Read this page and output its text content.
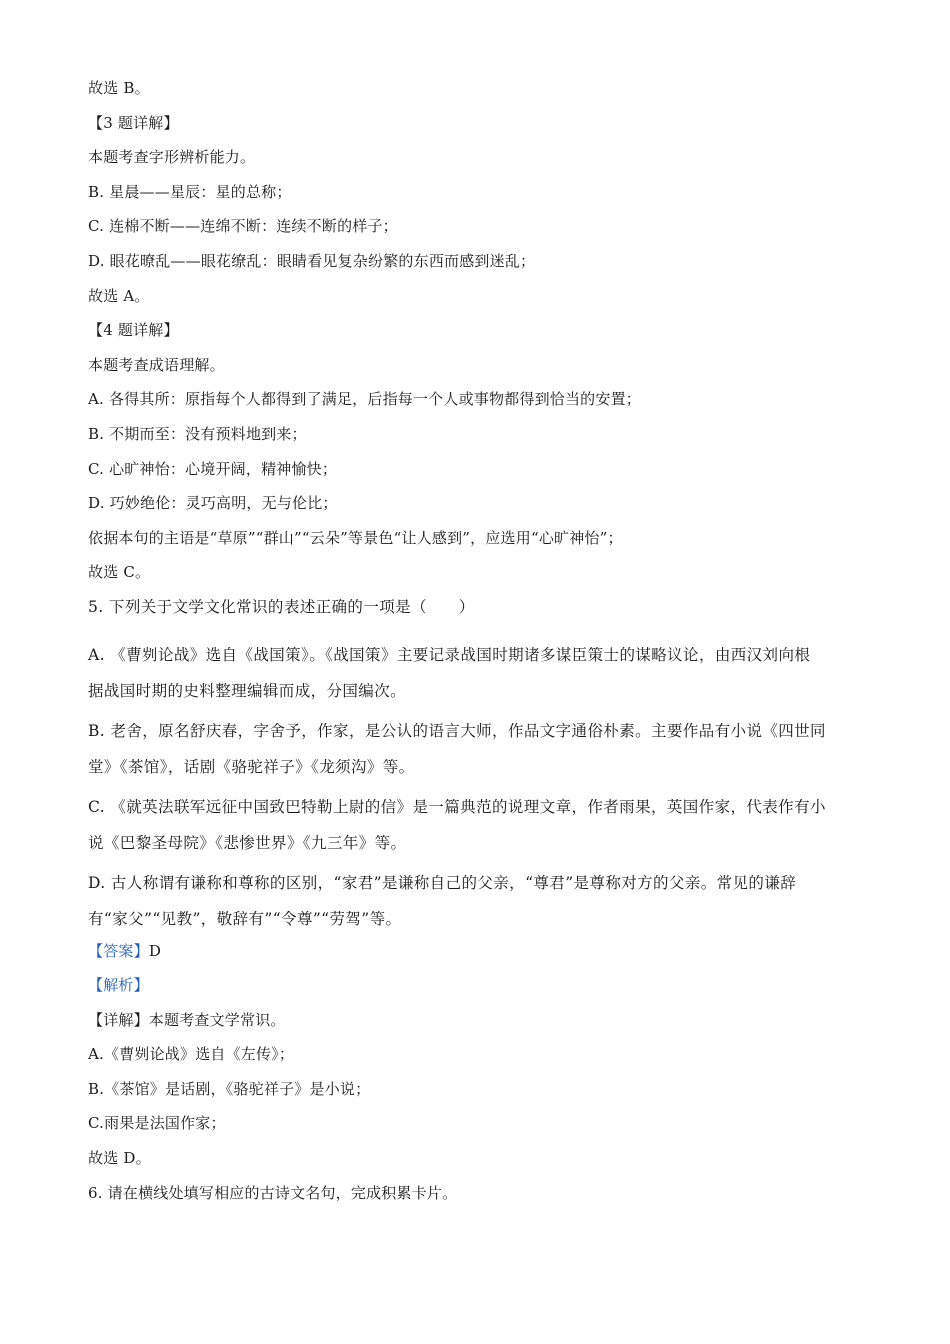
故选 B。
【3 题详解】
本题考查字形辨析能力。
B. 星晨——星辰：星的总称；
C. 连棉不断——连绵不断：连续不断的样子；
D. 眼花暸乱——眼花缭乱：眼睛看见复杂纷繁的东西而感到迷乱；
故选 A。
【4 题详解】
本题考查成语理解。
A. 各得其所：原指每个人都得到了满足，后指每一个人或事物都得到恰当的安置；
B. 不期而至：没有预料地到来；
C. 心旷神怡：心境开阔，精神愉快；
D. 巧妙绝伦：灵巧高明，无与伦比；
依据本句的主语是“草原”“群山”“云朵”等景色“让人感到”，应选用“心旷神怡”；
故选 C。
5. 下列关于文学文化常识的表述正确的一项是（　　）
A. 《曹刿论战》选自《战国策》。《战国策》主要记录战国时期诸多谋臣策士的谋略议论，由西汉刘向根
据战国时期的史料整理编辑而成，分国编次。
B. 老舍，原名舒庆春，字舍予，作家，是公认的语言大师，作品文字通俗朴素。主要作品有小说《四世同
堂》《茶馆》，话剧《骆驼祥子》《龙须沟》等。
C. 《就英法联军远征中国致巴特勒上尉的信》是一篇典范的说理文章，作者雨果，英国作家，代表作有小
说《巴黎圣母院》《悲惨世界》《九三年》等。
D. 古人称谓有谦称和尊称的区别，“家君”是谦称自己的父亲，“尊君”是尊称对方的父亲。常见的谦辞
有“家父”“见教”，敬辞有”“令尊”“劳驾”等。
【答案】D
【解析】
【详解】本题考查文学常识。
A.《曹刿论战》选自《左传》；
B.《茶馆》是话剧，《骆驼祥子》是小说；
C.雨果是法国作家；
故选 D。
6. 请在横线处填写相应的古诗文名句，完成积累卡片。
